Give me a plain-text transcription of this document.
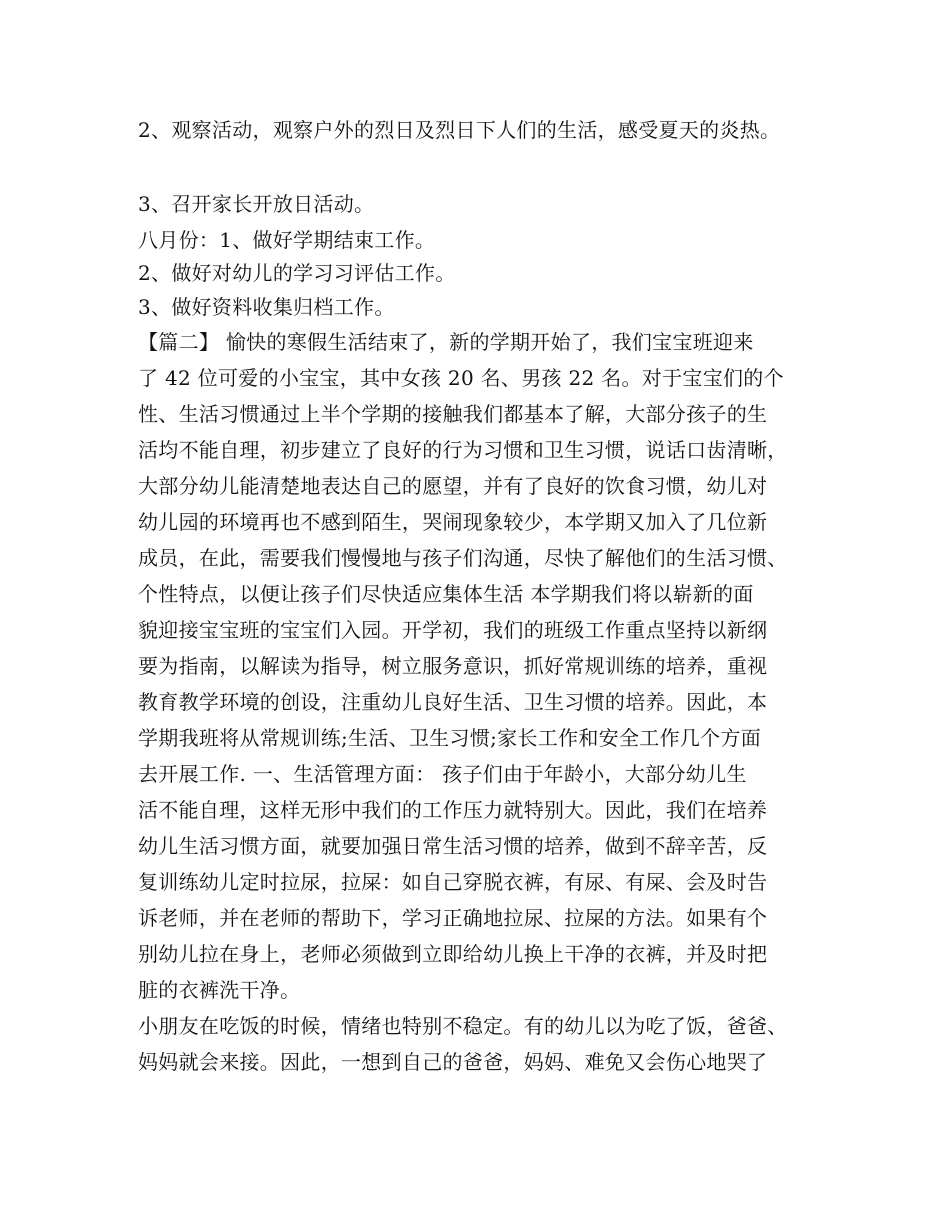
2、观察活动，观察户外的烈日及烈日下人们的生活，感受夏天的炎热。
3、召开家长开放日活动。
八月份：1、做好学期结束工作。
2、做好对幼儿的学习习评估工作。
3、做好资料收集归档工作。
【篇二】 愉快的寒假生活结束了，新的学期开始了，我们宝宝班迎来
了 42 位可爱的小宝宝，其中女孩 20 名、男孩 22 名。对于宝宝们的个
性、生活习惯通过上半个学期的接触我们都基本了解，大部分孩子的生
活均不能自理，初步建立了良好的行为习惯和卫生习惯，说话口齿清晰，
大部分幼儿能清楚地表达自己的愿望，并有了良好的饮食习惯，幼儿对
幼儿园的环境再也不感到陌生，哭闹现象较少，本学期又加入了几位新
成员，在此，需要我们慢慢地与孩子们沟通，尽快了解他们的生活习惯、
个性特点，以便让孩子们尽快适应集体生活 本学期我们将以崭新的面
貌迎接宝宝班的宝宝们入园。开学初，我们的班级工作重点坚持以新纲
要为指南，以解读为指导，树立服务意识，抓好常规训练的培养，重视
教育教学环境的创设，注重幼儿良好生活、卫生习惯的培养。因此，本
学期我班将从常规训练;生活、卫生习惯;家长工作和安全工作几个方面
去开展工作. 一、生活管理方面： 孩子们由于年龄小，大部分幼儿生
活不能自理，这样无形中我们的工作压力就特别大。因此，我们在培养
幼儿生活习惯方面，就要加强日常生活习惯的培养，做到不辞辛苦，反
复训练幼儿定时拉尿，拉屎：如自己穿脱衣裤，有尿、有屎、会及时告
诉老师，并在老师的帮助下，学习正确地拉尿、拉屎的方法。如果有个
别幼儿拉在身上，老师必须做到立即给幼儿换上干净的衣裤，并及时把
脏的衣裤洗干净。
小朋友在吃饭的时候，情绪也特别不稳定。有的幼儿以为吃了饭，爸爸、
妈妈就会来接。因此，一想到自己的爸爸，妈妈、难免又会伤心地哭了
